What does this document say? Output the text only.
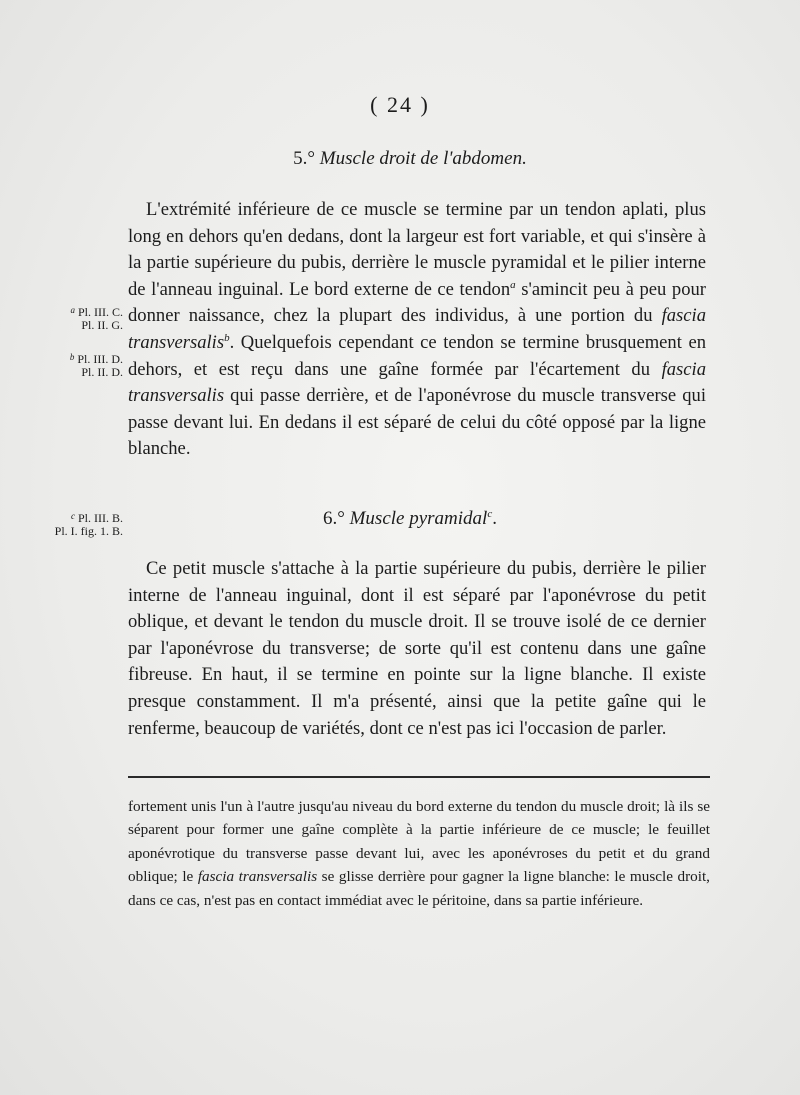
( 24 )
5.° Muscle droit de l'abdomen.

L'extrémité inférieure de ce muscle se termine par un tendon aplati, plus long en dehors qu'en dedans, dont la largeur est fort variable, et qui s'insère à la partie supérieure du pubis, derrière le muscle pyramidal et le pilier interne de l'anneau inguinal. Le bord externe de ce tendon$^a$ s'amincit peu à peu pour donner naissance, chez la plupart des individus, à une portion du fascia transversalis$^b$. Quelquefois cependant ce tendon se termine brusquement en dehors, et est reçu dans une gaîne formée par l'écartement du fascia transversalis qui passe derrière, et de l'aponévrose du muscle transverse qui passe devant lui. En dedans il est séparé de celui du côté opposé par la ligne blanche.

$^a$ Pl. III. C.
Pl. II. G.
$^b$ Pl. III. D.
Pl. II. D.
$^c$ Pl. III. B.
Pl. I. fig. 1. B.
6.° Muscle pyramidal$^c$.

Ce petit muscle s'attache à la partie supérieure du pubis, derrière le pilier interne de l'anneau inguinal, dont il est séparé par l'aponévrose du petit oblique, et devant le tendon du muscle droit. Il se trouve isolé de ce dernier par l'aponévrose du transverse; de sorte qu'il est contenu dans une gaîne fibreuse. En haut, il se termine en pointe sur la ligne blanche. Il existe presque constamment. Il m'a présenté, ainsi que la petite gaîne qui le renferme, beaucoup de variétés, dont ce n'est pas ici l'occasion de parler.

fortement unis l'un à l'autre jusqu'au niveau du bord externe du tendon du muscle droit; là ils se séparent pour former une gaîne complète à la partie inférieure de ce muscle; le feuillet aponévrotique du transverse passe devant lui, avec les aponévroses du petit et du grand oblique; le fascia transversalis se glisse derrière pour gagner la ligne blanche: le muscle droit, dans ce cas, n'est pas en contact immédiat avec le péritoine, dans sa partie inférieure.
